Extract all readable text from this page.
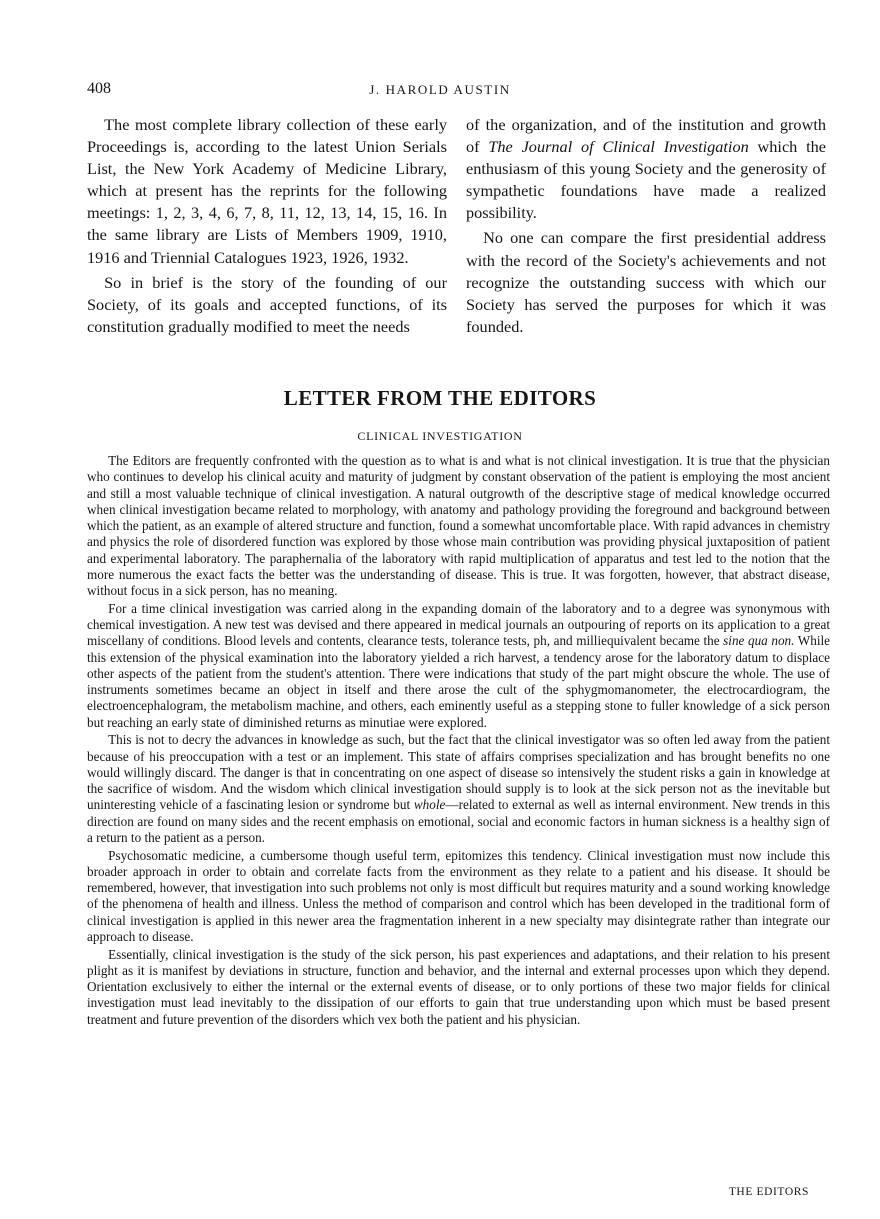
408	J. HAROLD AUSTIN

The most complete library collection of these early Proceedings is, according to the latest Union Serials List, the New York Academy of Medicine Library, which at present has the reprints for the following meetings: 1, 2, 3, 4, 6, 7, 8, 11, 12, 13, 14, 15, 16. In the same library are Lists of Members 1909, 1910, 1916 and Triennial Catalogues 1923, 1926, 1932.

So in brief is the story of the founding of our Society, of its goals and accepted functions, of its constitution gradually modified to meet the needs

of the organization, and of the institution and growth of The Journal of Clinical Investigation which the enthusiasm of this young Society and the generosity of sympathetic foundations have made a realized possibility.

No one can compare the first presidential address with the record of the Society's achievements and not recognize the outstanding success with which our Society has served the purposes for which it was founded.

LETTER FROM THE EDITORS
CLINICAL INVESTIGATION

The Editors are frequently confronted with the question as to what is and what is not clinical investigation. It is true that the physician who continues to develop his clinical acuity and maturity of judgment by constant observation of the patient is employing the most ancient and still a most valuable technique of clinical investigation. A natural outgrowth of the descriptive stage of medical knowledge occurred when clinical investigation became related to morphology, with anatomy and pathology providing the foreground and background between which the patient, as an example of altered structure and function, found a somewhat uncomfortable place. With rapid advances in chemistry and physics the role of disordered function was explored by those whose main contribution was providing physical juxtaposition of patient and experimental laboratory. The paraphernalia of the laboratory with rapid multiplication of apparatus and test led to the notion that the more numerous the exact facts the better was the understanding of disease. This is true. It was forgotten, however, that abstract disease, without focus in a sick person, has no meaning.

For a time clinical investigation was carried along in the expanding domain of the laboratory and to a degree was synonymous with chemical investigation. A new test was devised and there appeared in medical journals an outpouring of reports on its application to a great miscellany of conditions. Blood levels and contents, clearance tests, tolerance tests, ph, and milliequivalent became the sine qua non. While this extension of the physical examination into the laboratory yielded a rich harvest, a tendency arose for the laboratory datum to displace other aspects of the patient from the student's attention. There were indications that study of the part might obscure the whole. The use of instruments sometimes became an object in itself and there arose the cult of the sphygmomanometer, the electrocardiogram, the electroencephalogram, the metabolism machine, and others, each eminently useful as a stepping stone to fuller knowledge of a sick person but reaching an early state of diminished returns as minutiae were explored.

This is not to decry the advances in knowledge as such, but the fact that the clinical investigator was so often led away from the patient because of his preoccupation with a test or an implement. This state of affairs comprises specialization and has brought benefits no one would willingly discard. The danger is that in concentrating on one aspect of disease so intensively the student risks a gain in knowledge at the sacrifice of wisdom. And the wisdom which clinical investigation should supply is to look at the sick person not as the inevitable but uninteresting vehicle of a fascinating lesion or syndrome but whole—related to external as well as internal environment. New trends in this direction are found on many sides and the recent emphasis on emotional, social and economic factors in human sickness is a healthy sign of a return to the patient as a person.

Psychosomatic medicine, a cumbersome though useful term, epitomizes this tendency. Clinical investigation must now include this broader approach in order to obtain and correlate facts from the environment as they relate to a patient and his disease. It should be remembered, however, that investigation into such problems not only is most difficult but requires maturity and a sound working knowledge of the phenomena of health and illness. Unless the method of comparison and control which has been developed in the traditional form of clinical investigation is applied in this newer area the fragmentation inherent in a new specialty may disintegrate rather than integrate our approach to disease.

Essentially, clinical investigation is the study of the sick person, his past experiences and adaptations, and their relation to his present plight as it is manifest by deviations in structure, function and behavior, and the internal and external processes upon which they depend. Orientation exclusively to either the internal or the external events of disease, or to only portions of these two major fields for clinical investigation must lead inevitably to the dissipation of our efforts to gain that true understanding upon which must be based present treatment and future prevention of the disorders which vex both the patient and his physician.

THE EDITORS
